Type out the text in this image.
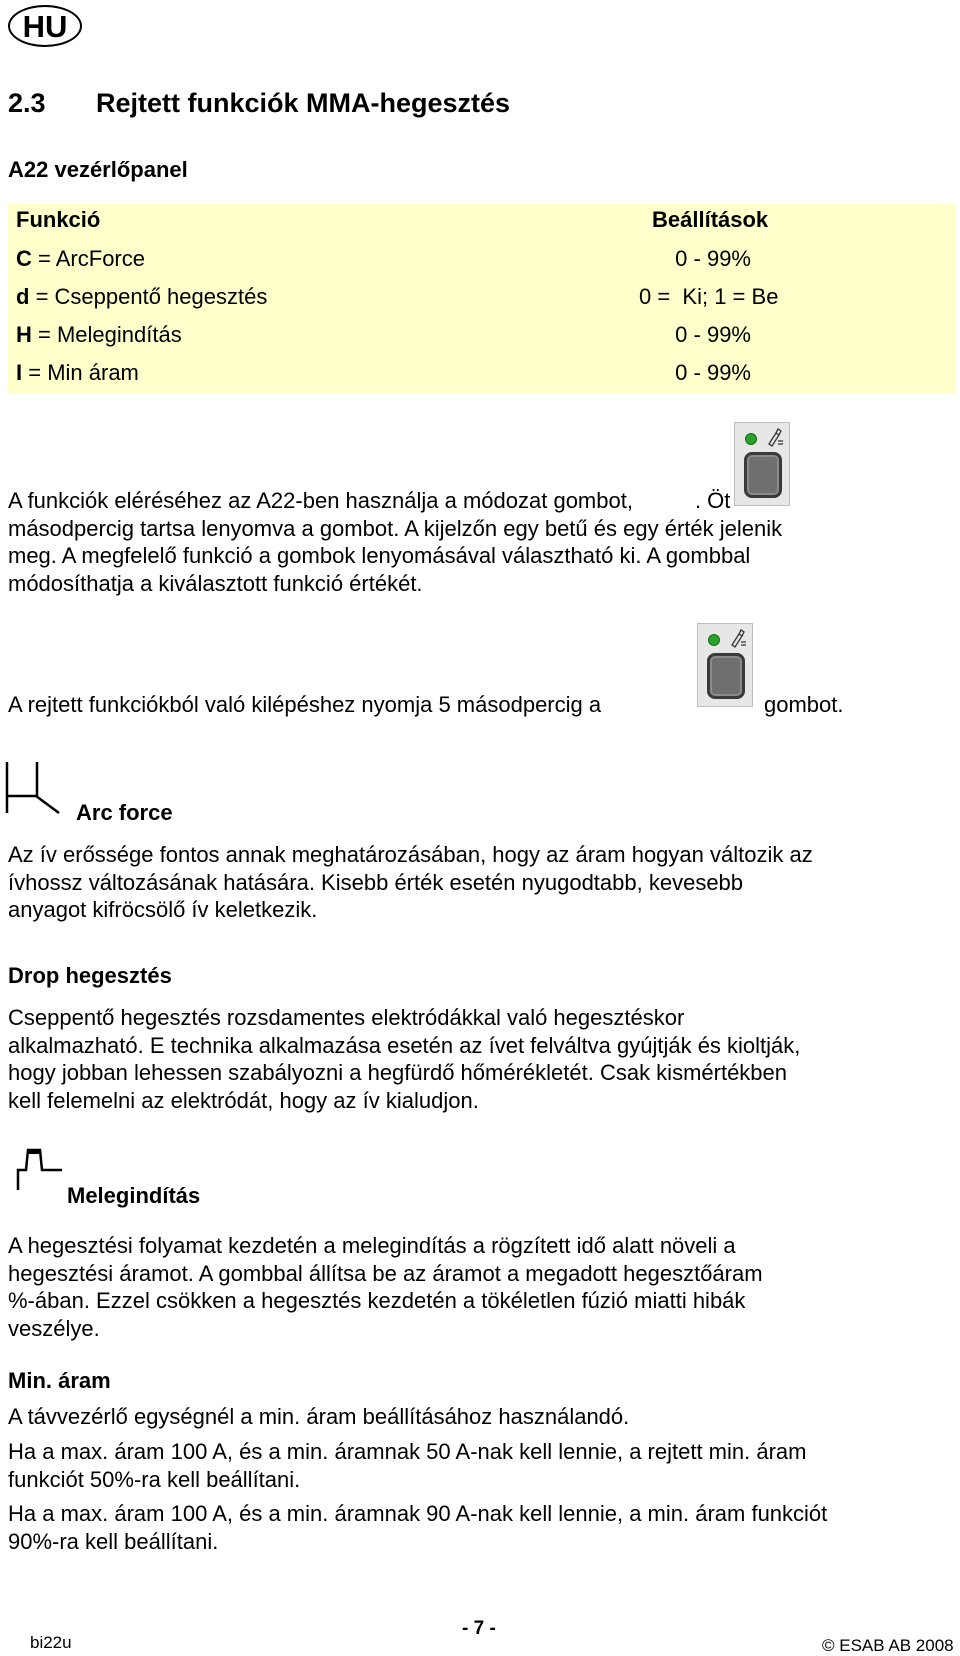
HU
2.3 Rejtett funkciók MMA-hegesztés
A22 vezérlőpanel
Funkció	Beállítások
C = ArcForce	0 - 99%
d = Cseppentő hegesztés	0 =  Ki; 1 = Be
H = Melegindítás	0 - 99%
I = Min áram	0 - 99%
A funkciók eléréséhez az A22-ben használja a módozat gombot,	. Öt
másodpercig tartsa lenyomva a gombot. A kijelzőn egy betű és egy érték jelenik
meg. A megfelelő funkció a gombok lenyomásával választható ki. A gombbal
módosíthatja a kiválasztott funkció értékét.
A rejtett funkciókból való kilépéshez nyomja 5 másodpercig a	gombot.
Arc force
Az ív erőssége fontos annak meghatározásában, hogy az áram hogyan változik az
ívhossz változásának hatására. Kisebb érték esetén nyugodtabb, kevesebb
anyagot kifröcsölő ív keletkezik.
Drop hegesztés
Cseppentő hegesztés rozsdamentes elektródákkal való hegesztéskor
alkalmazható. E technika alkalmazása esetén az ívet felváltva gyújtják és kioltják,
hogy jobban lehessen szabályozni a hegfürdő hőmérékletét. Csak kismértékben
kell felemelni az elektródát, hogy az ív kialudjon.
Melegindítás
A hegesztési folyamat kezdetén a melegindítás a rögzített idő alatt növeli a
hegesztési áramot. A gombbal állítsa be az áramot a megadott hegesztőáram
%-ában. Ezzel csökken a hegesztés kezdetén a tökéletlen fúzió miatti hibák
veszélye.
Min. áram
A távvezérlő egységnél a min. áram beállításához használandó.
Ha a max. áram 100 A, és a min. áramnak 50 A-nak kell lennie, a rejtett min. áram
funkciót 50%-ra kell beállítani.
Ha a max. áram 100 A, és a min. áramnak 90 A-nak kell lennie, a min. áram funkciót
90%-ra kell beállítani.
bi22u
- 7 -
© ESAB AB 2008
